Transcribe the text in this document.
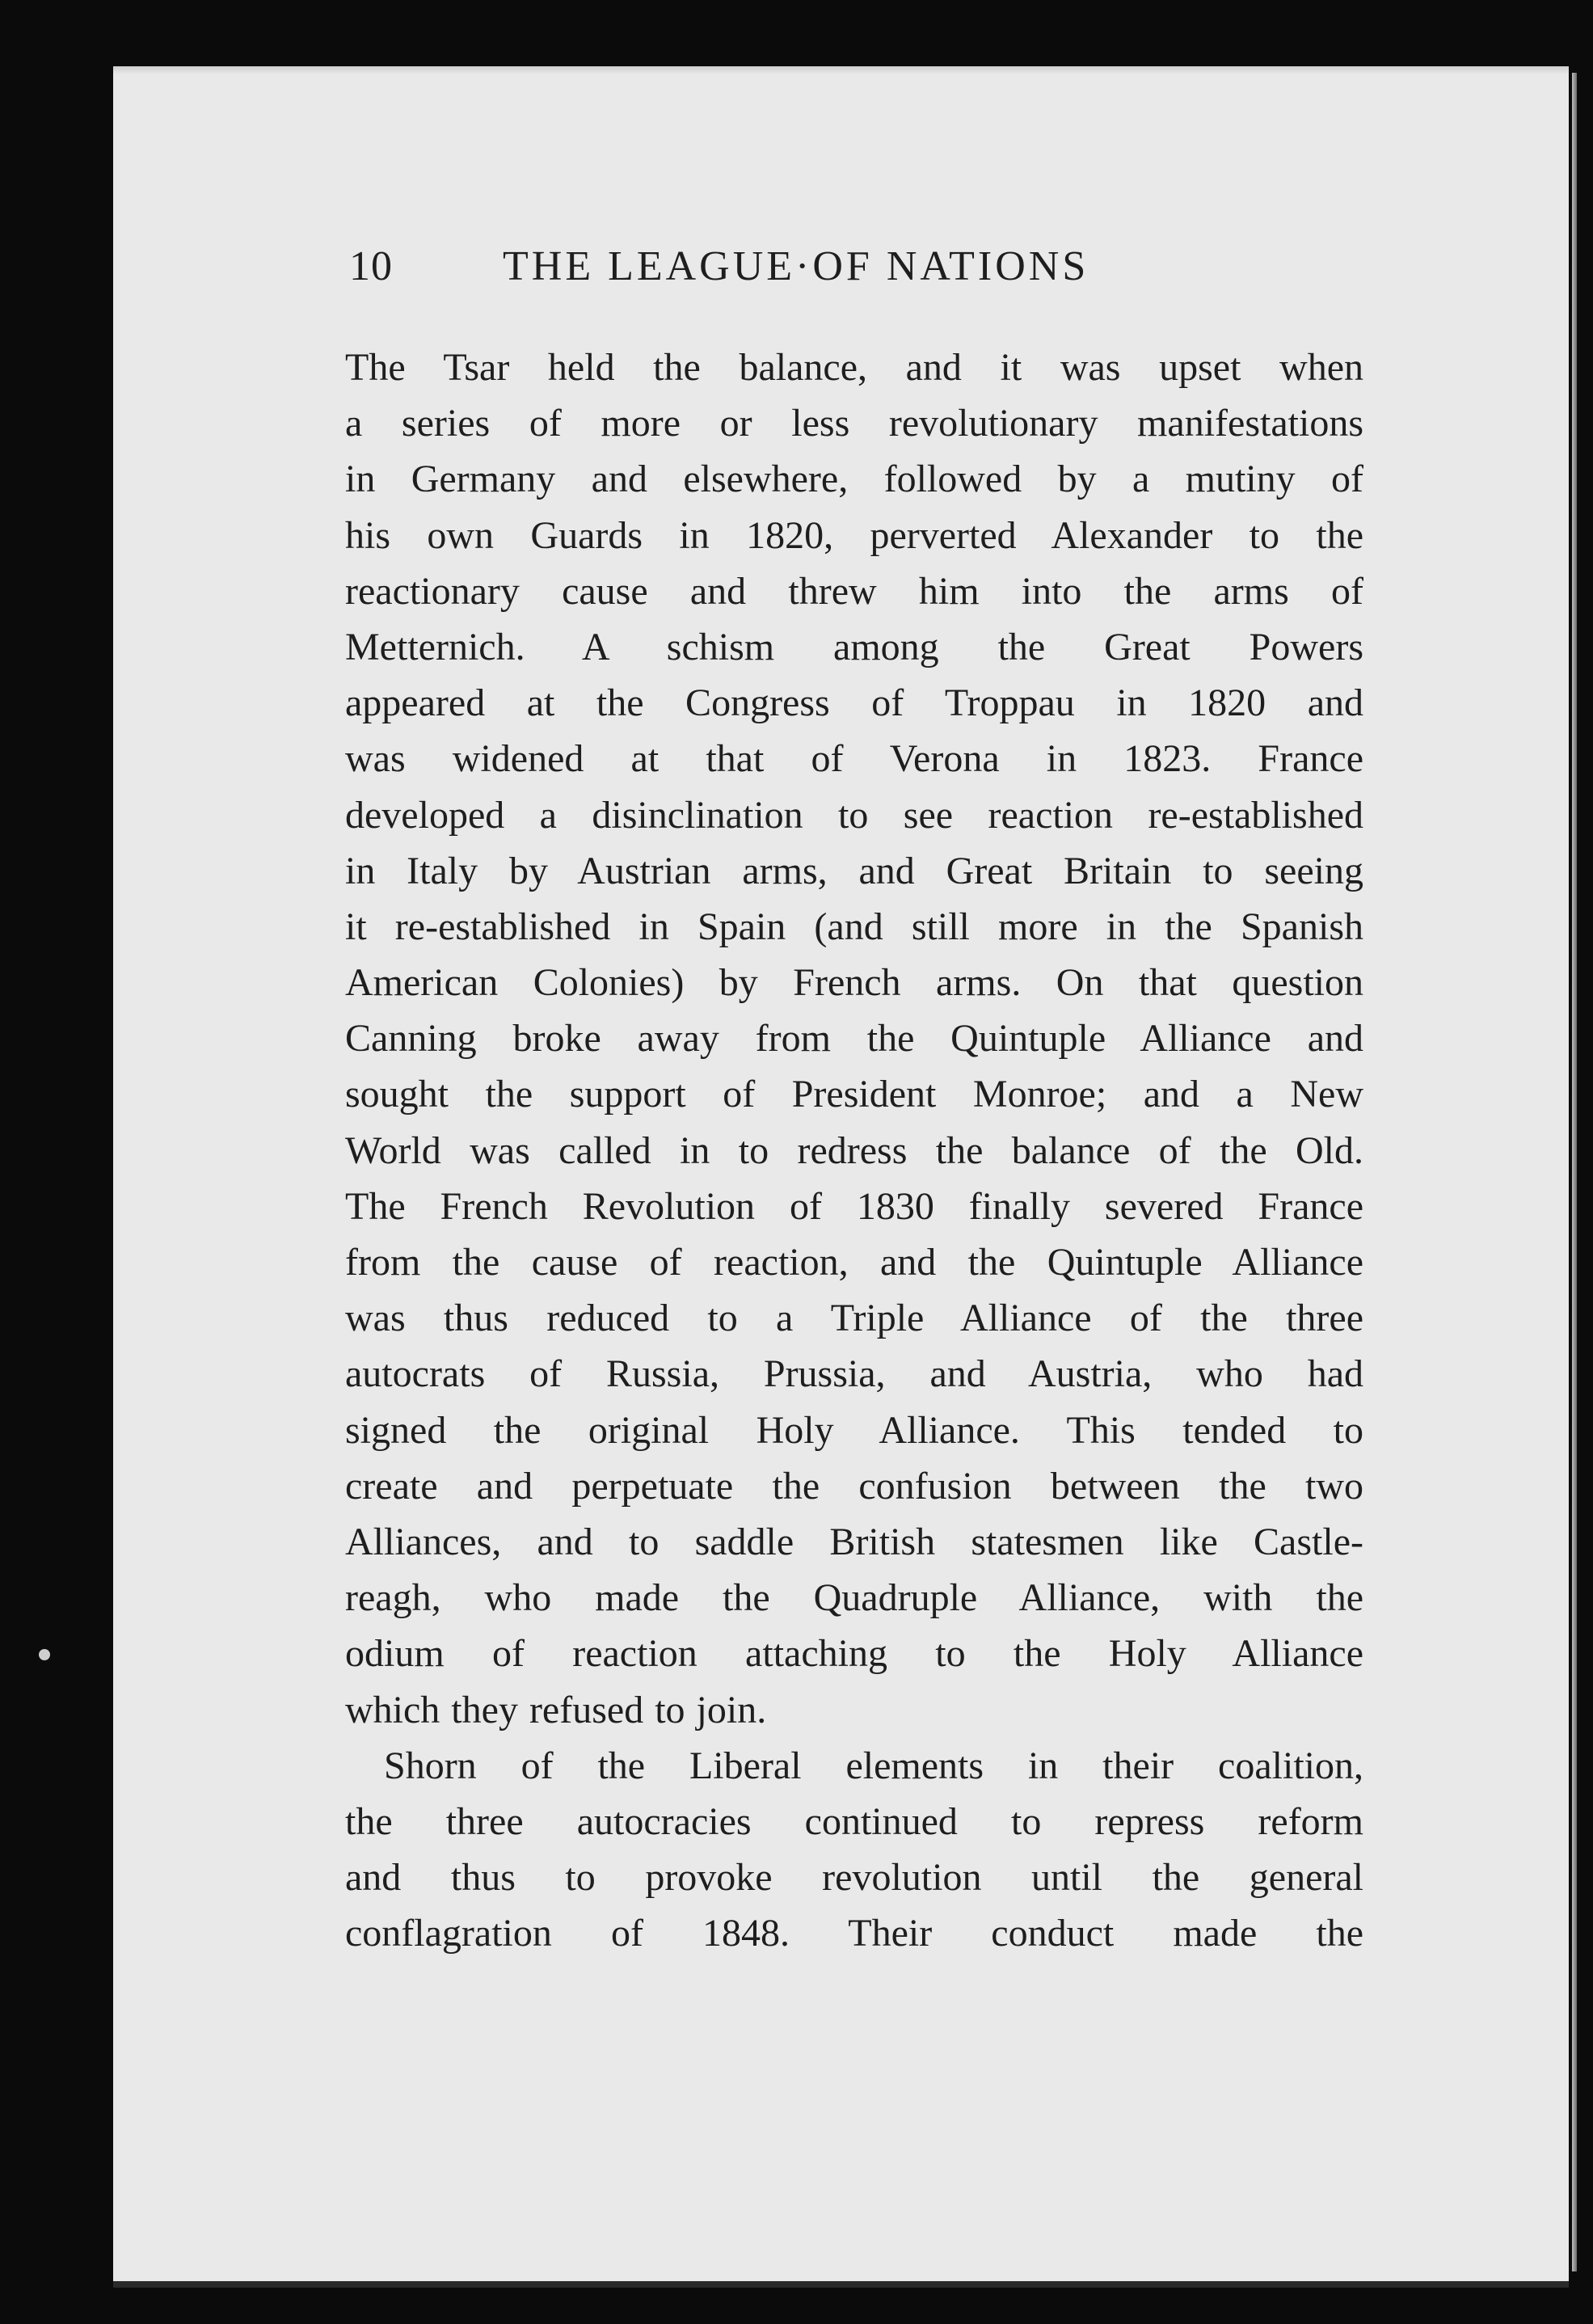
10	THE LEAGUE·OF NATIONS
The Tsar held the balance, and it was upset when
a series of more or less revolutionary manifestations
in Germany and elsewhere, followed by a mutiny of
his own Guards in 1820, perverted Alexander to the
reactionary cause and threw him into the arms of
Metternich. A schism among the Great Powers
appeared at the Congress of Troppau in 1820 and
was widened at that of Verona in 1823. France
developed a disinclination to see reaction re-established
in Italy by Austrian arms, and Great Britain to seeing
it re-established in Spain (and still more in the Spanish
American Colonies) by French arms. On that question
Canning broke away from the Quintuple Alliance and
sought the support of President Monroe; and a New
World was called in to redress the balance of the Old.
The French Revolution of 1830 finally severed France
from the cause of reaction, and the Quintuple Alliance
was thus reduced to a Triple Alliance of the three
autocrats of Russia, Prussia, and Austria, who had
signed the original Holy Alliance. This tended to
create and perpetuate the confusion between the two
Alliances, and to saddle British statesmen like Castle-
reagh, who made the Quadruple Alliance, with the
odium of reaction attaching to the Holy Alliance
which they refused to join.
Shorn of the Liberal elements in their coalition,
the three autocracies continued to repress reform
and thus to provoke revolution until the general
conflagration of 1848. Their conduct made the
